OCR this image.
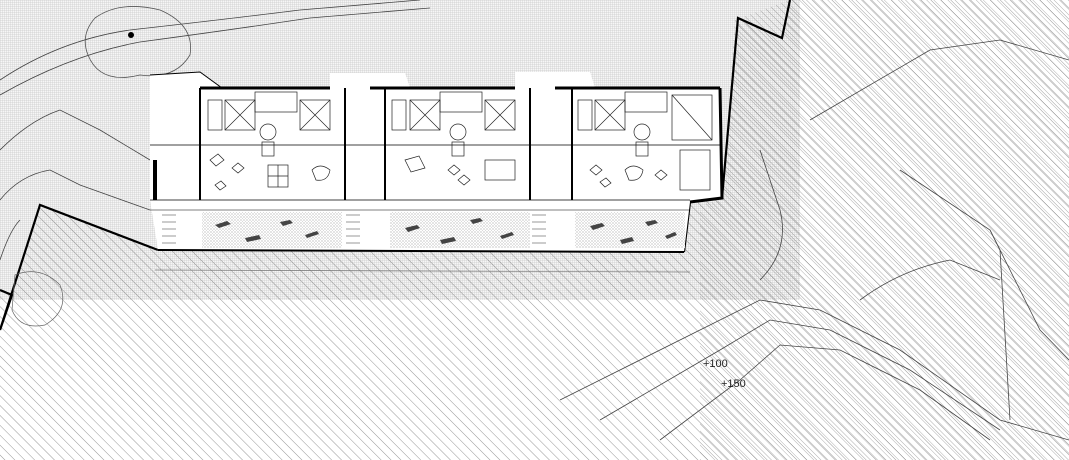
+100
+150
